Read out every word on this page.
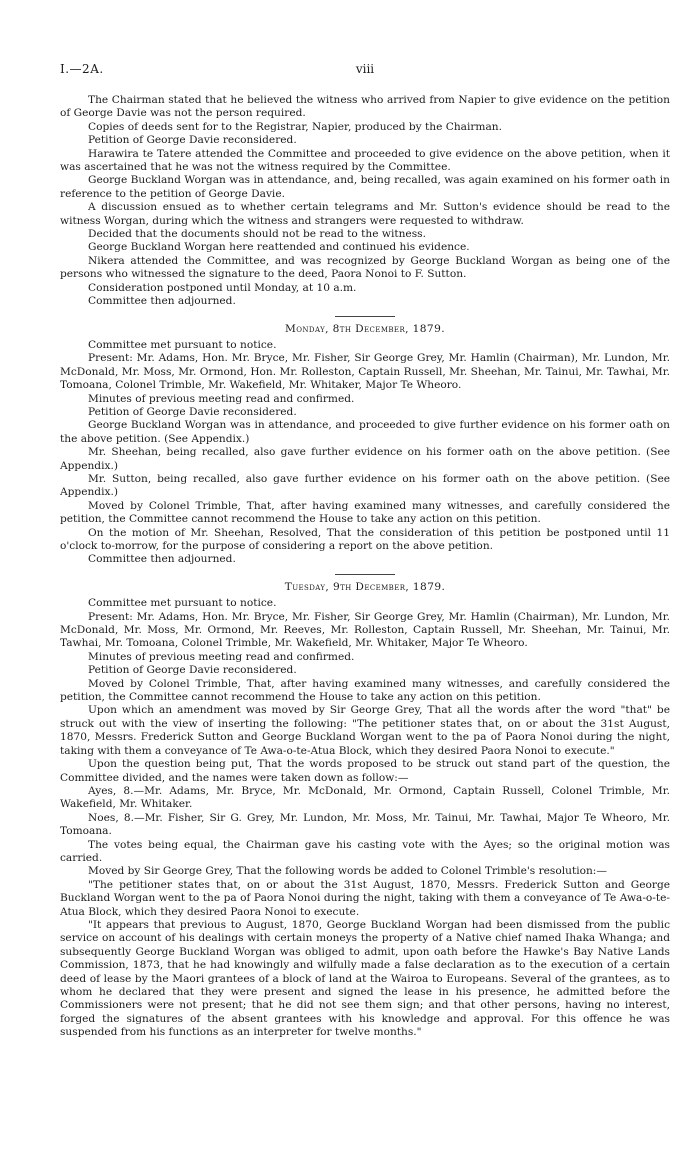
I.—2A.	viii

The Chairman stated that he believed the witness who arrived from Napier to give evidence on the petition of George Davie was not the person required.

Copies of deeds sent for to the Registrar, Napier, produced by the Chairman.

Petition of George Davie reconsidered.

Harawira te Tatere attended the Committee and proceeded to give evidence on the above petition, when it was ascertained that he was not the witness required by the Committee.

George Buckland Worgan was in attendance, and, being recalled, was again examined on his former oath in reference to the petition of George Davie.

A discussion ensued as to whether certain telegrams and Mr. Sutton's evidence should be read to the witness Worgan, during which the witness and strangers were requested to withdraw.

Decided that the documents should not be read to the witness.

George Buckland Worgan here reattended and continued his evidence.

Nikera attended the Committee, and was recognized by George Buckland Worgan as being one of the persons who witnessed the signature to the deed, Paora Nonoi to F. Sutton.

Consideration postponed until Monday, at 10 a.m.

Committee then adjourned.

Monday, 8th December, 1879.

Committee met pursuant to notice.

Present: Mr. Adams, Hon. Mr. Bryce, Mr. Fisher, Sir George Grey, Mr. Hamlin (Chairman), Mr. Lundon, Mr. McDonald, Mr. Moss, Mr. Ormond, Hon. Mr. Rolleston, Captain Russell, Mr. Sheehan, Mr. Tainui, Mr. Tawhai, Mr. Tomoana, Colonel Trimble, Mr. Wakefield, Mr. Whitaker, Major Te Wheoro.

Minutes of previous meeting read and confirmed.

Petition of George Davie reconsidered.

George Buckland Worgan was in attendance, and proceeded to give further evidence on his former oath on the above petition. (See Appendix.)

Mr. Sheehan, being recalled, also gave further evidence on his former oath on the above petition. (See Appendix.)

Mr. Sutton, being recalled, also gave further evidence on his former oath on the above petition. (See Appendix.)

Moved by Colonel Trimble, That, after having examined many witnesses, and carefully considered the petition, the Committee cannot recommend the House to take any action on this petition.

On the motion of Mr. Sheehan, Resolved, That the consideration of this petition be postponed until 11 o'clock to-morrow, for the purpose of considering a report on the above petition.

Committee then adjourned.

Tuesday, 9th December, 1879.

Committee met pursuant to notice.

Present: Mr. Adams, Hon. Mr. Bryce, Mr. Fisher, Sir George Grey, Mr. Hamlin (Chairman), Mr. Lundon, Mr. McDonald, Mr. Moss, Mr. Ormond, Mr. Reeves, Mr. Rolleston, Captain Russell, Mr. Sheehan, Mr. Tainui, Mr. Tawhai, Mr. Tomoana, Colonel Trimble, Mr. Wakefield, Mr. Whitaker, Major Te Wheoro.

Minutes of previous meeting read and confirmed.

Petition of George Davie reconsidered.

Moved by Colonel Trimble, That, after having examined many witnesses, and carefully considered the petition, the Committee cannot recommend the House to take any action on this petition.

Upon which an amendment was moved by Sir George Grey, That all the words after the word "that" be struck out with the view of inserting the following: "The petitioner states that, on or about the 31st August, 1870, Messrs. Frederick Sutton and George Buckland Worgan went to the pa of Paora Nonoi during the night, taking with them a conveyance of Te Awa-o-te-Atua Block, which they desired Paora Nonoi to execute."

Upon the question being put, That the words proposed to be struck out stand part of the question, the Committee divided, and the names were taken down as follow:—

Ayes, 8.—Mr. Adams, Mr. Bryce, Mr. McDonald, Mr. Ormond, Captain Russell, Colonel Trimble, Mr. Wakefield, Mr. Whitaker.

Noes, 8.—Mr. Fisher, Sir G. Grey, Mr. Lundon, Mr. Moss, Mr. Tainui, Mr. Tawhai, Major Te Wheoro, Mr. Tomoana.

The votes being equal, the Chairman gave his casting vote with the Ayes; so the original motion was carried.

Moved by Sir George Grey, That the following words be added to Colonel Trimble's resolution:—

"The petitioner states that, on or about the 31st August, 1870, Messrs. Frederick Sutton and George Buckland Worgan went to the pa of Paora Nonoi during the night, taking with them a conveyance of Te Awa-o-te-Atua Block, which they desired Paora Nonoi to execute.

"It appears that previous to August, 1870, George Buckland Worgan had been dismissed from the public service on account of his dealings with certain moneys the property of a Native chief named Ihaka Whanga; and subsequently George Buckland Worgan was obliged to admit, upon oath before the Hawke's Bay Native Lands Commission, 1873, that he had knowingly and wilfully made a false declaration as to the execution of a certain deed of lease by the Maori grantees of a block of land at the Wairoa to Europeans. Several of the grantees, as to whom he declared that they were present and signed the lease in his presence, he admitted before the Commissioners were not present; that he did not see them sign; and that other persons, having no interest, forged the signatures of the absent grantees with his knowledge and approval. For this offence he was suspended from his functions as an interpreter for twelve months."
